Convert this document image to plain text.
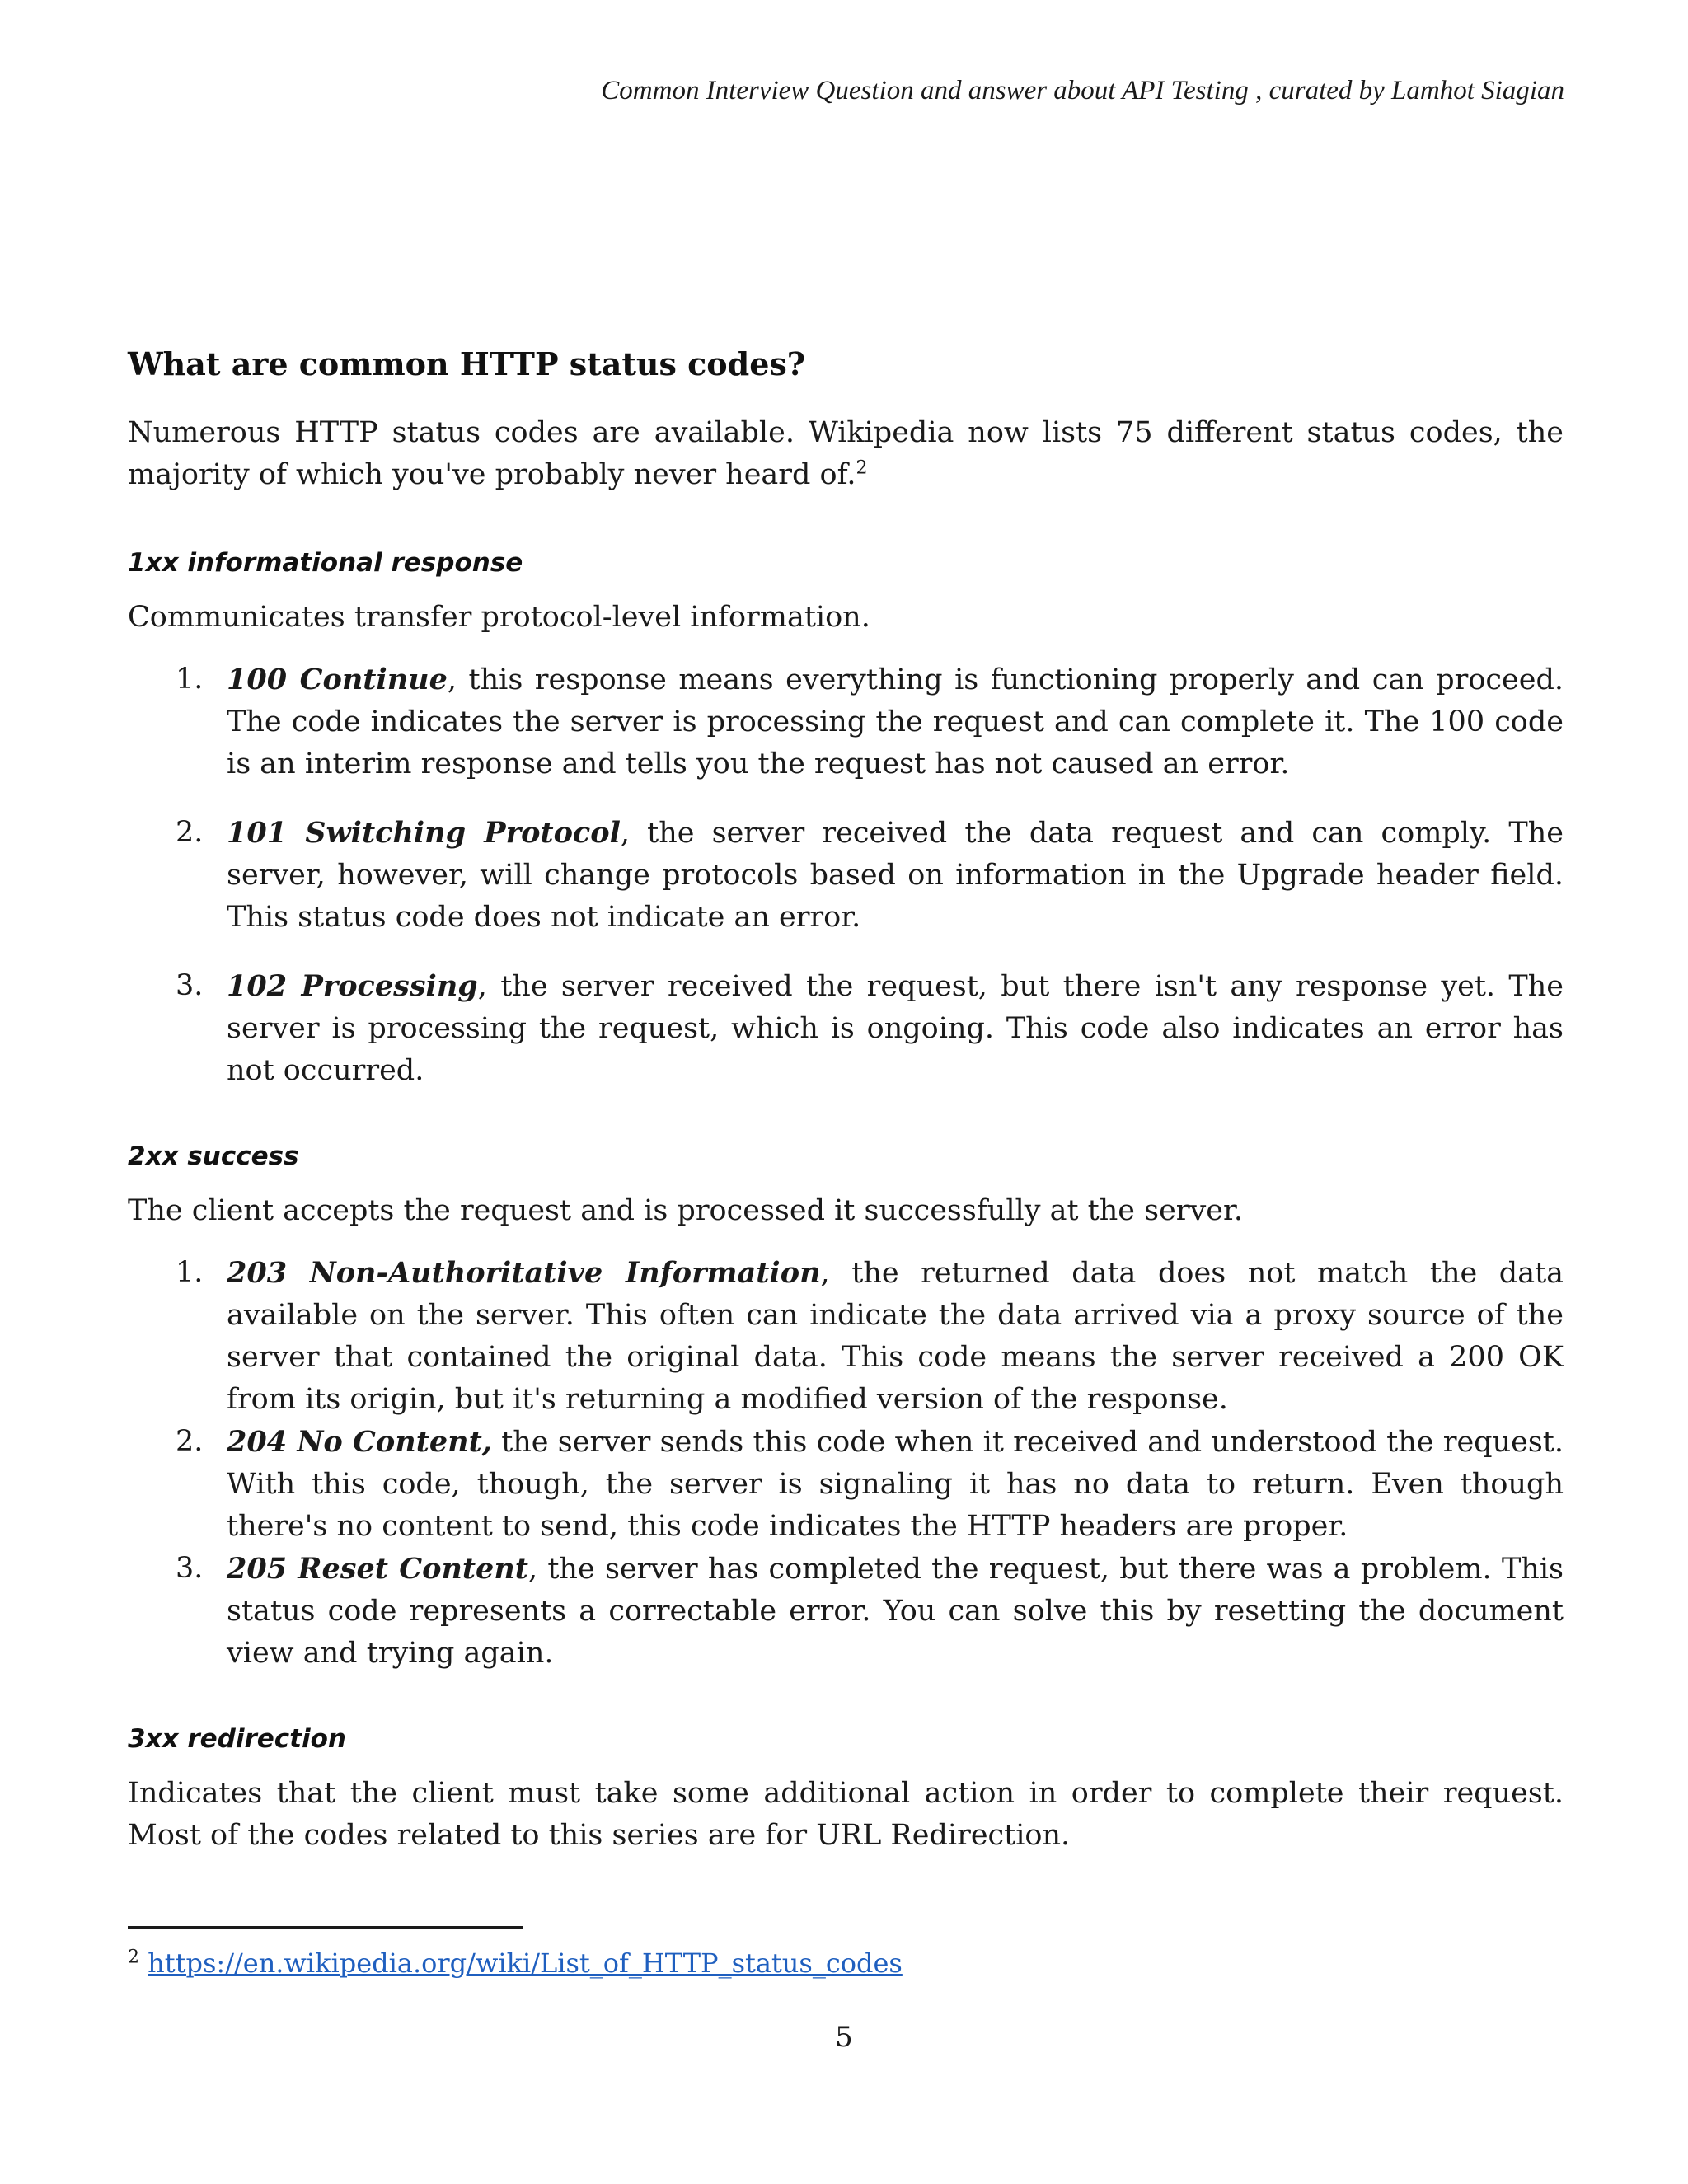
Common Interview Question and answer about API Testing , curated by Lamhot Siagian
What are common HTTP status codes?

Numerous HTTP status codes are available. Wikipedia now lists 75 different status codes, the majority of which you've probably never heard of.$^2$

1xx informational response

Communicates transfer protocol-level information.

1. 100 Continue, this response means everything is functioning properly and can proceed. The code indicates the server is processing the request and can complete it. The 100 code is an interim response and tells you the request has not caused an error.
2. 101 Switching Protocol, the server received the data request and can comply. The server, however, will change protocols based on information in the Upgrade header field. This status code does not indicate an error.
3. 102 Processing, the server received the request, but there isn't any response yet. The server is processing the request, which is ongoing. This code also indicates an error has not occurred.
2xx success

The client accepts the request and is processed it successfully at the server.

1. 203 Non-Authoritative Information, the returned data does not match the data available on the server. This often can indicate the data arrived via a proxy source of the server that contained the original data. This code means the server received a 200 OK from its origin, but it's returning a modified version of the response.
2. 204 No Content, the server sends this code when it received and understood the request. With this code, though, the server is signaling it has no data to return. Even though there's no content to send, this code indicates the HTTP headers are proper.
3. 205 Reset Content, the server has completed the request, but there was a problem. This status code represents a correctable error. You can solve this by resetting the document view and trying again.
3xx redirection

Indicates that the client must take some additional action in order to complete their request. Most of the codes related to this series are for URL Redirection.

$^2$ https://en.wikipedia.org/wiki/List_of_HTTP_status_codes
5
